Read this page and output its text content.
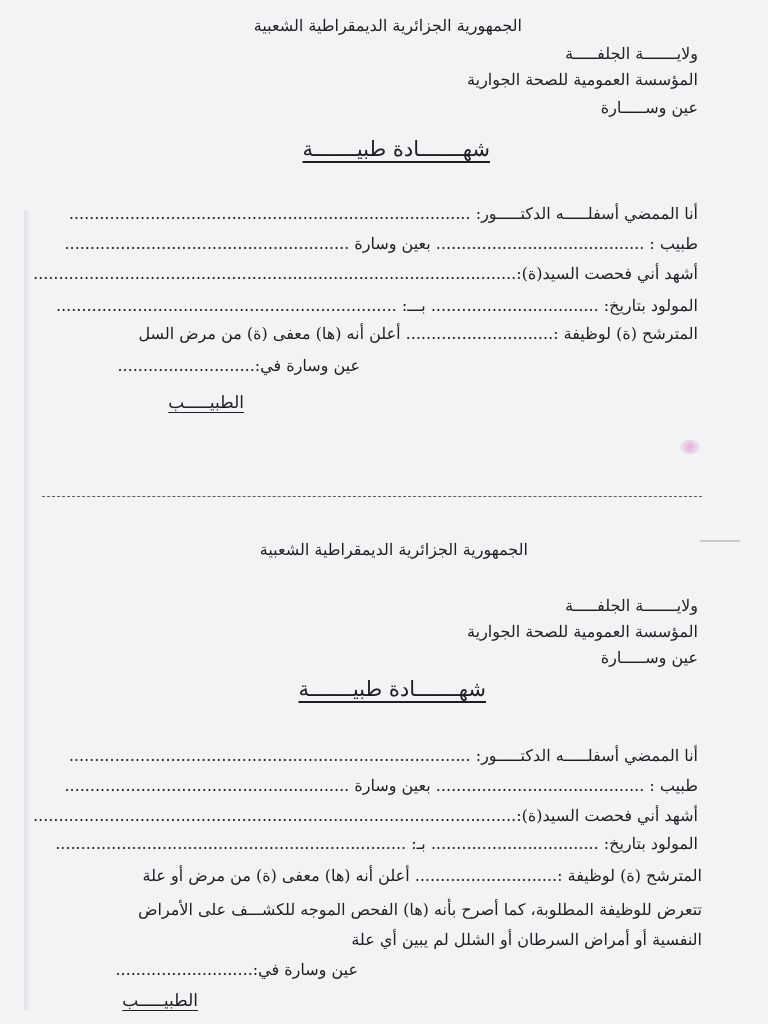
الجمهورية الجزائرية الديمقراطية الشعبية
ولايـــــــة الجلفـــــة
المؤسسة العمومية للصحة الجوارية
عين وســـــارة
شهـــــــادة طبيـــــــة
أنا الممضي أسفلـــــه الدكتـــــور: ...............................................................................
طبيب : ......................................... بعين وسارة ........................................................
أشهد أني فحصت السيد(ة):...............................................................................................
المولود بتاريخ: ................................. بـــ: ...................................................................
المترشح (ة) لوظيفة :............................. أعلن أنه (ها) معفى (ة) من مرض السل
عين وسارة في:...........................
الطبيـــــب
الجمهورية الجزائرية الديمقراطية الشعبية
ولايـــــــة الجلفـــــة
المؤسسة العمومية للصحة الجوارية
عين وســـــارة
شهـــــــادة طبيـــــــة
أنا الممضي أسفلـــــه الدكتـــــور: ...............................................................................
طبيب : ......................................... بعين وسارة ........................................................
أشهد أني فحصت السيد(ة):...............................................................................................
المولود بتاريخ: ................................. بـ: .....................................................................
المترشح (ة) لوظيفة :............................ أعلن أنه (ها) معفى (ة) من مرض أو علة
تتعرض للوظيفة المطلوبة، كما أصرح بأنه (ها) الفحص الموجه للكشـــف على الأمراض
النفسية أو أمراض السرطان أو الشلل لم يبين أي علة
عين وسارة في:...........................
الطبيـــــب
